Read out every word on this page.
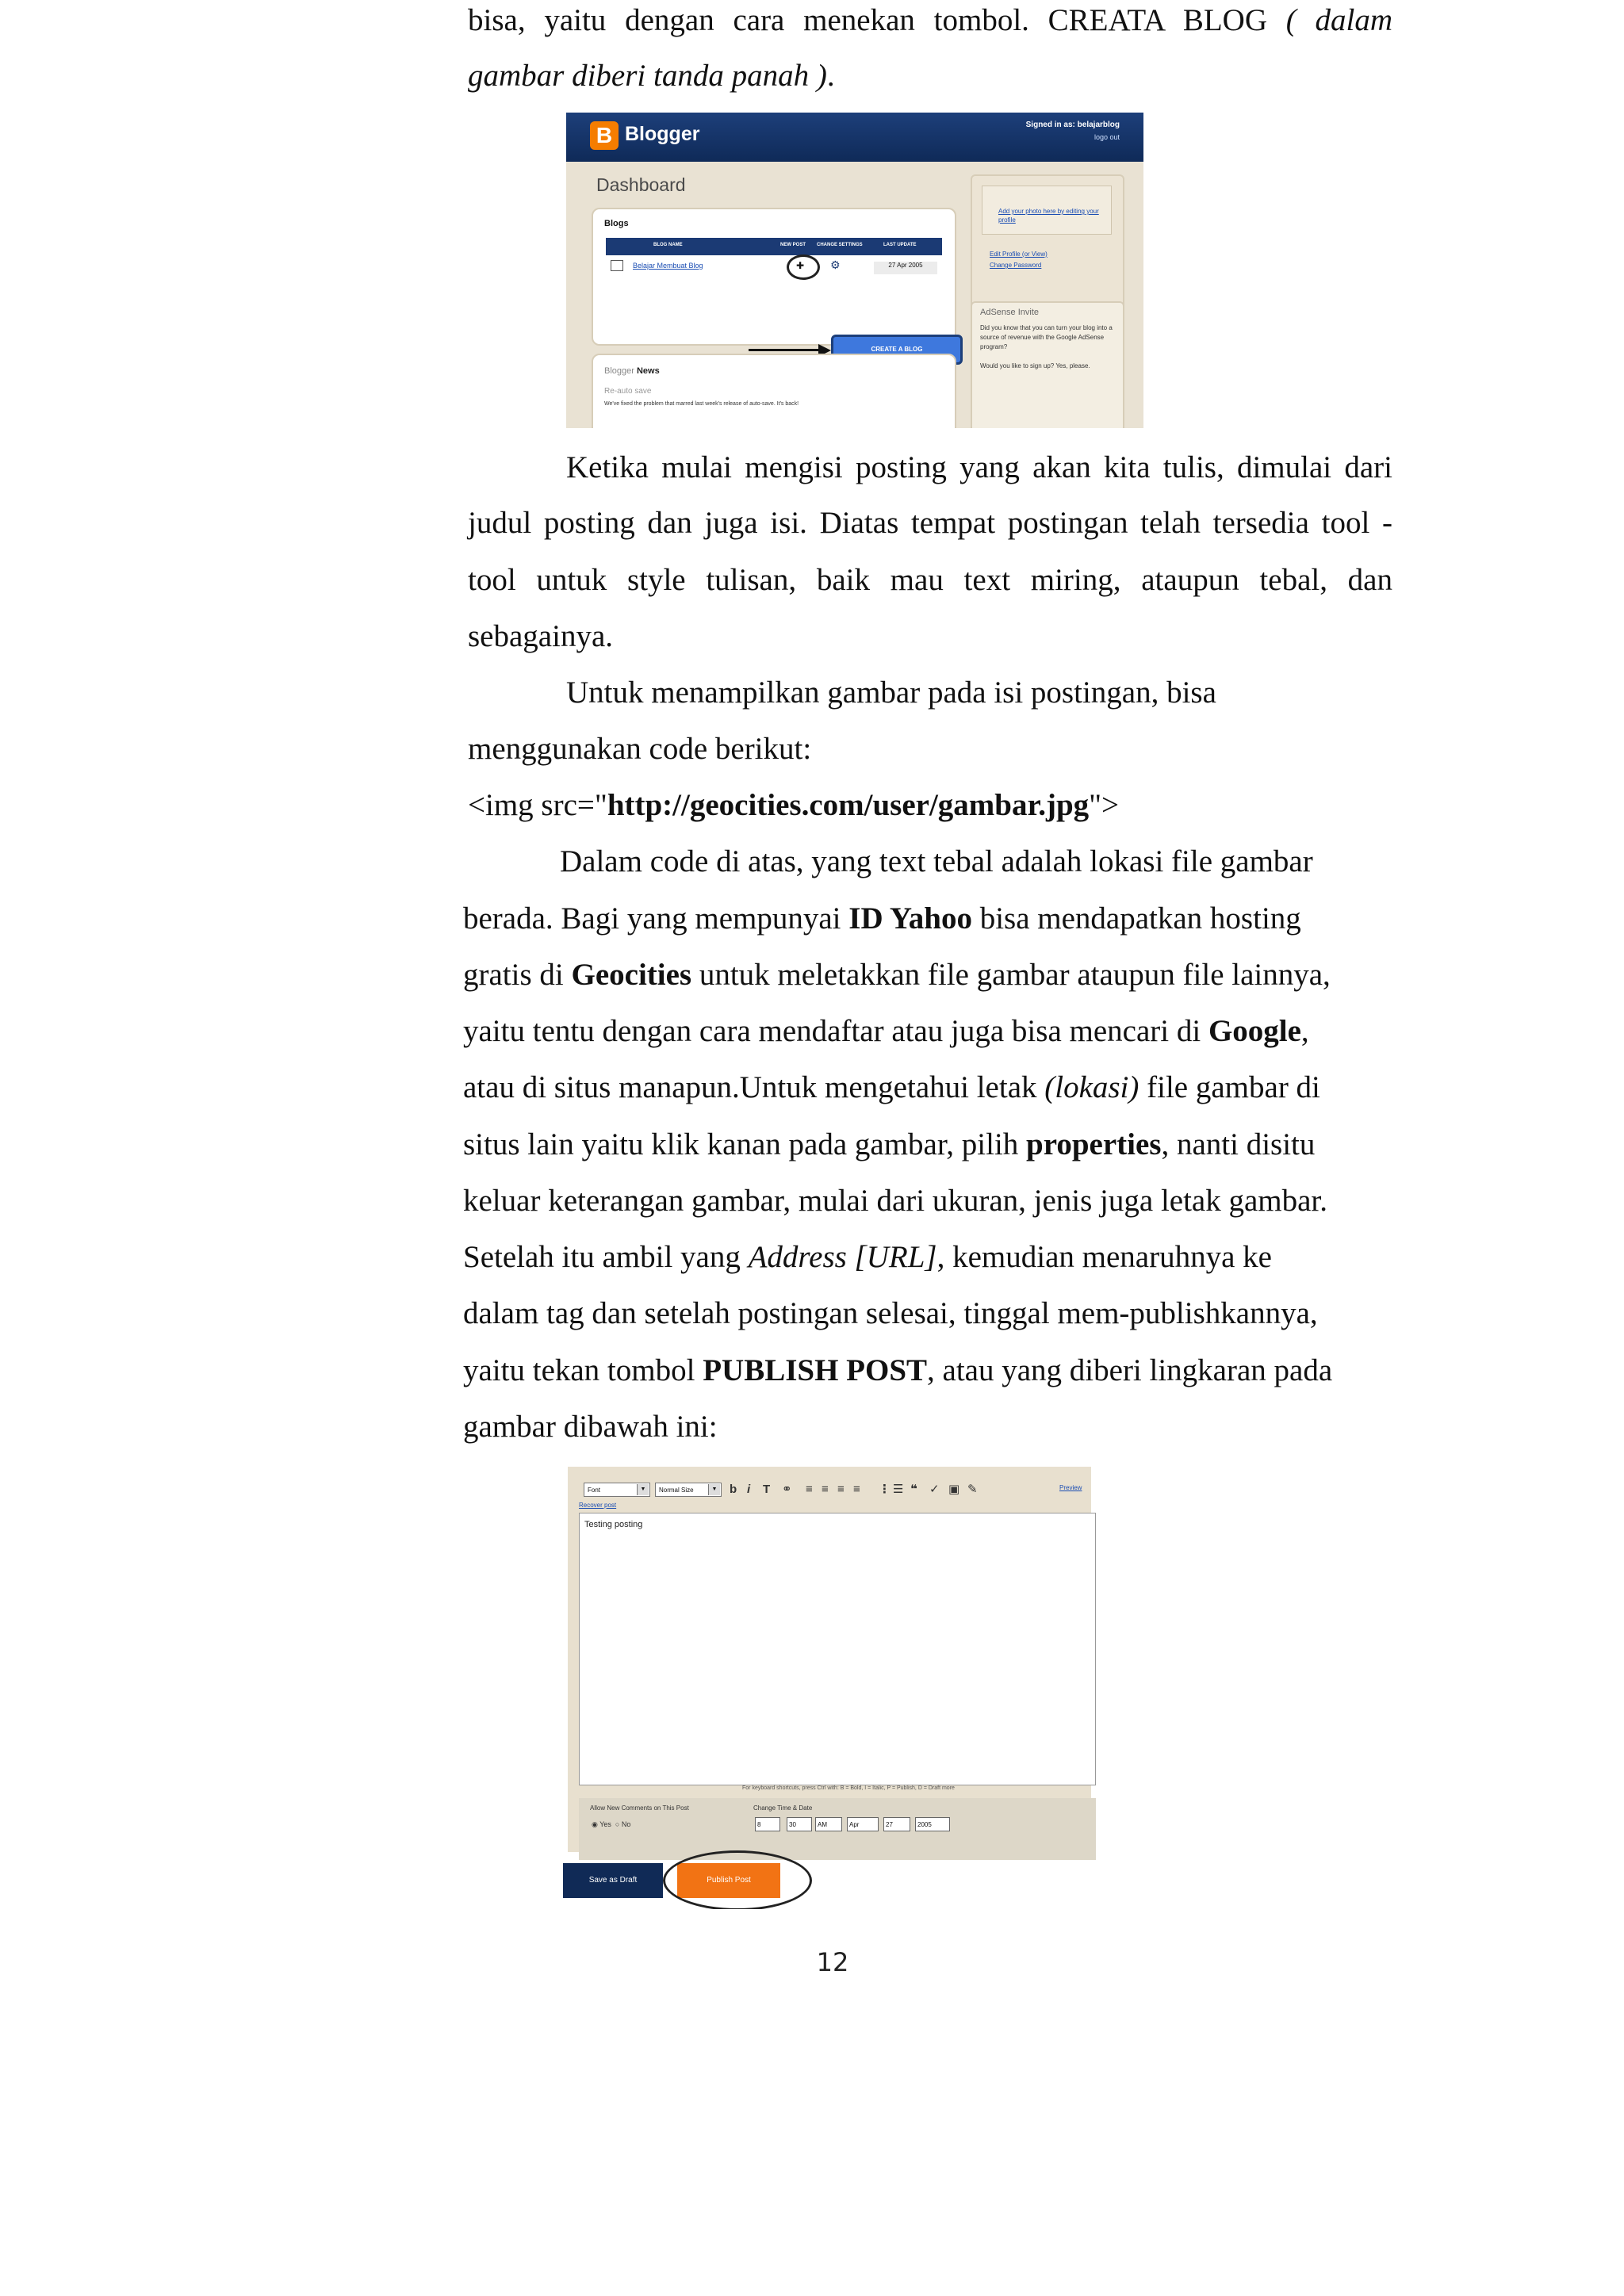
bisa, yaitu dengan cara menekan tombol. CREATA BLOG ( dalam
gambar diberi tanda panah ).
B Blogger	Signed in as: belajarblog
logo out
Dashboard
Blogs
BLOG NAME	NEW POST CHANGE SETTINGS	LAST UPDATE
Belajar Membuat Blog	✚ ⚙	27 Apr 2005
CREATE A BLOG
Blogger News
Re-auto save
We've fixed the problem that marred last week's release of auto-save. It's back!
Add your photo here by editing your profile
Edit Profile (or View)
Change Password
AdSense Invite
Did you know that you can turn your blog into a source of revenue with the Google AdSense program?

Would you like to sign up? Yes, please.
Ketika mulai mengisi posting yang akan kita tulis, dimulai dari
judul posting dan juga isi. Diatas tempat postingan telah tersedia tool -
tool untuk style tulisan, baik mau text miring, ataupun tebal, dan
sebagainya.
Untuk menampilkan gambar pada isi postingan, bisa
menggunakan code berikut:
<img src="http://geocities.com/user/gambar.jpg">
Dalam code di atas, yang text tebal adalah lokasi file gambar
berada. Bagi yang mempunyai ID Yahoo bisa mendapatkan hosting
gratis di Geocities untuk meletakkan file gambar ataupun file lainnya,
yaitu tentu dengan cara mendaftar atau juga bisa mencari di Google,
atau di situs manapun.Untuk mengetahui letak (lokasi) file gambar di
situs lain yaitu klik kanan pada gambar, pilih properties, nanti disitu
keluar keterangan gambar, mulai dari ukuran, jenis juga letak gambar.
Setelah itu ambil yang Address [URL], kemudian menaruhnya ke
dalam tag dan setelah postingan selesai, tinggal mem-publishkannya,
yaitu tekan tombol PUBLISH POST, atau yang diberi lingkaran pada
gambar dibawah ini:
Font	▼	Normal Size	▼ b i T ⚭ ≡ ≡ ≡ ≡ ⋮ ☰ ❝ ✓ ▣ ✎	Preview
Recover post
Testing posting
For keyboard shortcuts, press Ctrl with: B = Bold, I = Italic, P = Publish, D = Draft more
Allow New Comments on This Post
◉ Yes  ○ No
Change Time & Date
8	30	AM	Apr	27	2005
Save as Draft	Publish Post
12
